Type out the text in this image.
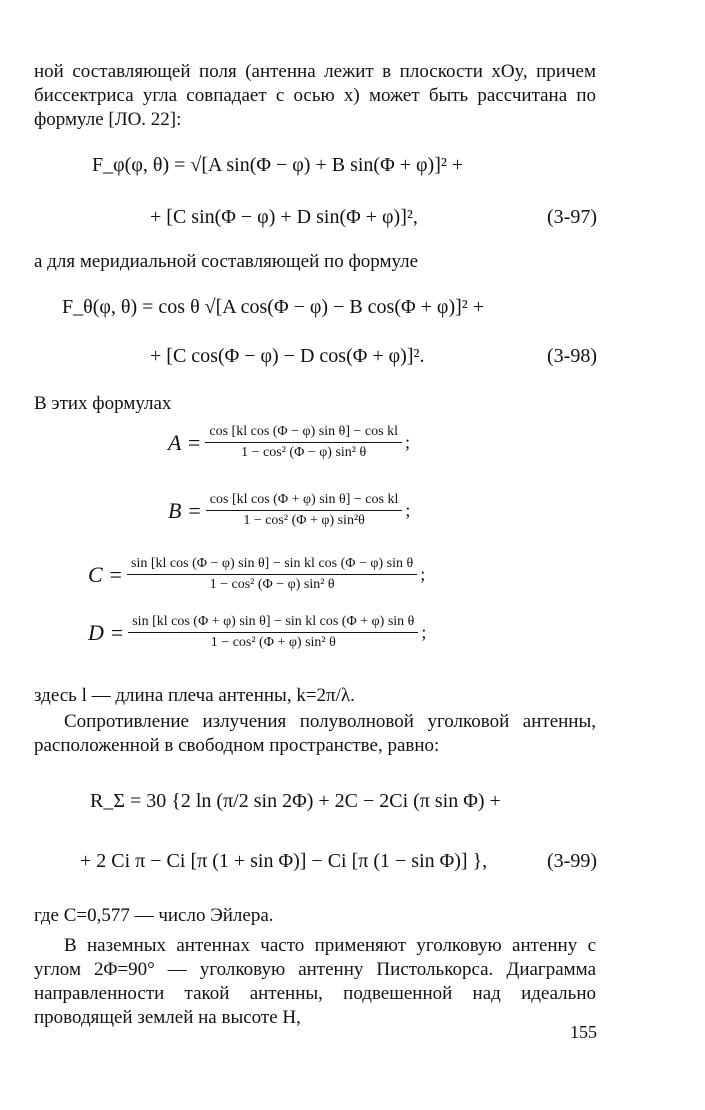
ной составляющей поля (антенна лежит в плоскости xOy, причем биссектриса угла совпадает с осью x) может быть рассчитана по формуле [ЛО. 22]:
F_φ(φ, θ) = √[A sin(Φ − φ) + B sin(Φ + φ)]² +
+ [C sin(Φ − φ) + D sin(Φ + φ)]²,	(3-97)
а для меридиальной составляющей по формуле
F_θ(φ, θ) = cos θ √[A cos(Φ − φ) − B cos(Φ + φ)]² +
+ [C cos(Φ − φ) − D cos(Φ + φ)]².	(3-98)
В этих формулах
$A = \frac{\text{cos [kl cos (Φ − φ) sin θ] − cos kl}}{\text{1 − cos² (Φ − φ) sin² θ}}$ ;
$B = \frac{\text{cos [kl cos (Φ + φ) sin θ] − cos kl}}{\text{1 − cos² (Φ + φ) sin²θ}}$ ;
$C = \frac{\text{sin [kl cos (Φ − φ) sin θ] − sin kl cos (Φ − φ) sin θ}}{\text{1 − cos² (Φ − φ) sin² θ}}$ ;
$D = \frac{\text{sin [kl cos (Φ + φ) sin θ] − sin kl cos (Φ + φ) sin θ}}{\text{1 − cos² (Φ + φ) sin² θ}}$ ;
здесь l — длина плеча антенны, k=2π/λ.
Сопротивление излучения полуволновой уголковой антенны, расположенной в свободном пространстве, равно:
R_Σ = 30 {2 ln (π/2 sin 2Φ) + 2C − 2Ci (π sin Φ) +
+ 2 Ci π − Ci [π (1 + sin Φ)] − Ci [π (1 − sin Φ)] },	(3-99)
где C=0,577 — число Эйлера.
В наземных антеннах часто применяют уголковую антенну с углом 2Φ=90° — уголковую антенну Пистолькорса. Диаграмма направленности такой антенны, подвешенной над идеально проводящей землей на высоте H,
155
